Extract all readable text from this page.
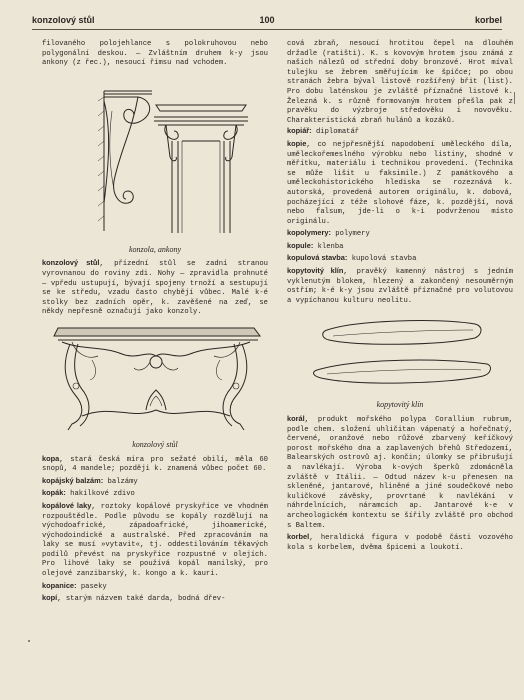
konzolový stůl	100	korbel

filovaného polojehlance s polokruhovou nebo polygonální deskou. — Zvláštním druhem k-y jsou ankony (z řec.), nesoucí římsu nad vchodem.

konzola, ankony

konzolový stůl, přízední stůl se zadní stranou vyrovnanou do roviny zdi. Nohy — zpravidla prohnuté — vpředu ustupují, bývají spojeny trnoží a sestupují se ke středu, vzadu často chybějí vůbec. Malé k-é stolky bez zadních opěr, k. zavěšené na zeď, se někdy nepřesně označují jako konzoly.

konzolový stůl

kopa, stará česká míra pro sežaté obilí, měla 60 snopů, 4 mandele; později k. znamená vůbec počet 60.

kopájský balzám: balzámy

kopák: hakilkové zdivo

kopálové laky, roztoky kopálové pryskyřice ve vhodném rozpouštědle. Podle původu se kopály rozdělují na východoafrické, západoafrické, jihoamerické, východoindické a australské. Před zpracováním na laky se musí »vytavit«, tj. oddestilováním těkavých podílů převést na pryskyřice rozpustné v olejích. Pro lihové laky se používá kopál manilský, pro olejové zanzibarský, k. kongo a k. kauri.

kopanice: paseky

kopí, starým názvem také darda, bodná dřev-

cová zbraň, nesoucí hrotitou čepel na dlouhém držadle (ratišti). K. s kovovým hrotem jsou známá z našich nálezů od střední doby bronzové. Hrot míval tulejku se žebrem směřujícím ke špičce; po obou stranách žebra býval listově rozšířený břit (list). Pro dobu laténskou je zvláště příznačné listové k. Železná k. s různě formovaným hrotem přešla pak z pravěku do výzbroje středověku i novověku. Charakteristická zbraň hulánů a kozáků.

kopiář: diplomatář

kopie, co nejpřesnější napodobení uměleckého díla, uměleckořemeslného výrobku nebo listiny, shodné v měřítku, materiálu i technikou provedení. (Technika se může lišit u faksimile.) Z památkového a uměleckohistorického hlediska se rozeznává k. autorská, provedená autorem originálu, k. dobová, pocházející z téže slohové fáze, k. pozdější, nová nebo falsum, jde-li o k-i podvrženou místo originálu.

kopolymery: polymery

kopule: klenba

kopulová stavba: kupolová stavba

kopytovitý klín, pravěký kamenný nástroj s jedním vyklenutým blokem, hlezený a zakončený nesouměrným ostřím; k-é k-y jsou zvláště příznačné pro volutovou a vypíchanou kulturu neolitu.

kopytovitý klín

korál, produkt mořského polypa Corallium rubrum, podle chem. složení uhličitan vápenatý a hořečnatý, červené, oranžové nebo růžové zbarvený keříčkový porost mořského dna a zaplavených břehů Středozemí, Balearských ostrovů aj. končin; úlomky se přibrušují a navlékají. Výroba k-ových šperků zdomácněla zvláště v Itálii. — Odtud název k-u přenesen na skleněné, jantarové, hliněné a jiné soudečkové nebo kuličkové závěsky, provrtané k navlékání v náhrdelnících, náramcích ap. Jantarové k-e v archeologickém kontextu se šířily zvláště pro obchod s Baltem.

korbel, heraldická figura v podobě části vozového kola s korbelem, dvěma špicemi a loukotí.
